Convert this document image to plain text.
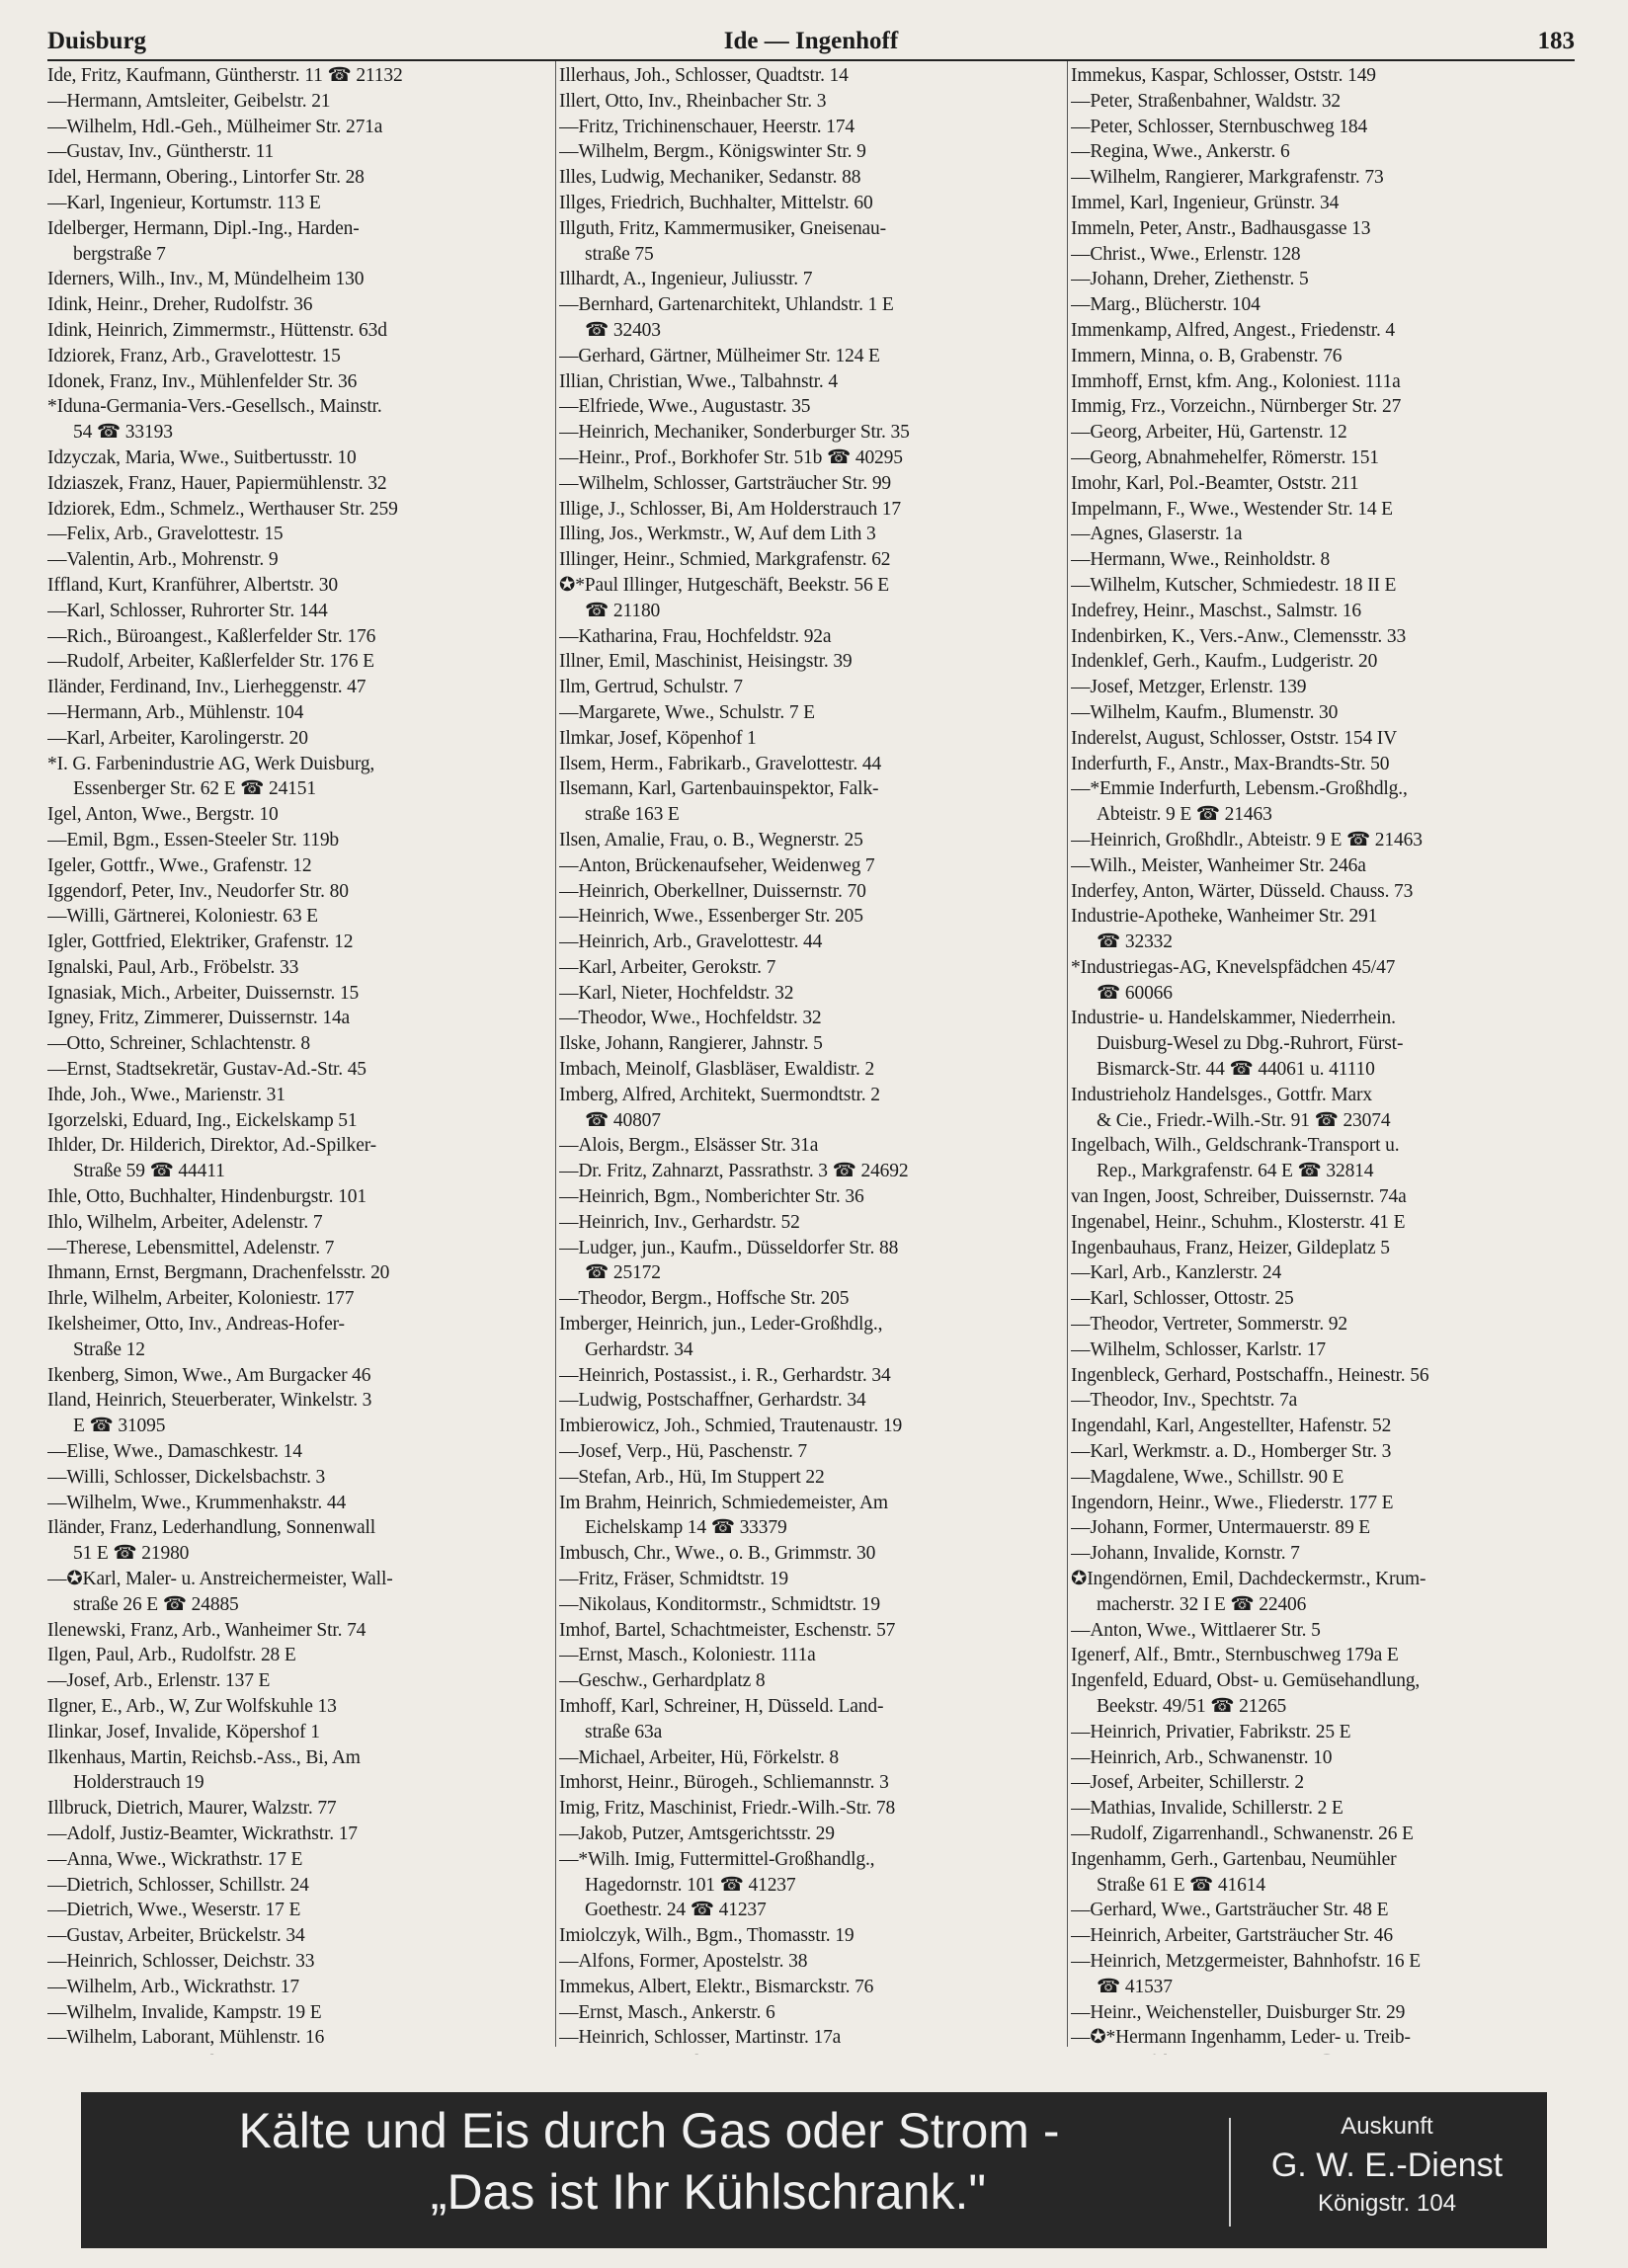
Duisburg	Ide — Ingenhoff	183
Ide, Fritz, Kaufmann, Güntherstr. 11 ☎ 21132
—Hermann, Amtsleiter, Geibelstr. 21
—Wilhelm, Hdl.-Geh., Mülheimer Str. 271a
—Gustav, Inv., Güntherstr. 11
Idel, Hermann, Obering., Lintorfer Str. 28
—Karl, Ingenieur, Kortumstr. 113 E
Idelberger, Hermann, Dipl.-Ing., Harden-
bergstraße 7
Iderners, Wilh., Inv., M, Mündelheim 130
Idink, Heinr., Dreher, Rudolfstr. 36
Idink, Heinrich, Zimmermstr., Hüttenstr. 63d
Idziorek, Franz, Arb., Gravelottestr. 15
Idonek, Franz, Inv., Mühlenfelder Str. 36
*Iduna-Germania-Vers.-Gesellsch., Mainstr.
54 ☎ 33193
Idzyczak, Maria, Wwe., Suitbertusstr. 10
Idziaszek, Franz, Hauer, Papiermühlenstr. 32
Idziorek, Edm., Schmelz., Werthauser Str. 259
—Felix, Arb., Gravelottestr. 15
—Valentin, Arb., Mohrenstr. 9
Iffland, Kurt, Kranführer, Albertstr. 30
—Karl, Schlosser, Ruhrorter Str. 144
—Rich., Büroangest., Kaßlerfelder Str. 176
—Rudolf, Arbeiter, Kaßlerfelder Str. 176 E
Iländer, Ferdinand, Inv., Lierheggenstr. 47
—Hermann, Arb., Mühlenstr. 104
—Karl, Arbeiter, Karolingerstr. 20
*I. G. Farbenindustrie AG, Werk Duisburg,
Essenberger Str. 62 E ☎ 24151
Igel, Anton, Wwe., Bergstr. 10
—Emil, Bgm., Essen-Steeler Str. 119b
Igeler, Gottfr., Wwe., Grafenstr. 12
Iggendorf, Peter, Inv., Neudorfer Str. 80
—Willi, Gärtnerei, Koloniestr. 63 E
Igler, Gottfried, Elektriker, Grafenstr. 12
Ignalski, Paul, Arb., Fröbelstr. 33
Ignasiak, Mich., Arbeiter, Duissernstr. 15
Igney, Fritz, Zimmerer, Duissernstr. 14a
—Otto, Schreiner, Schlachtenstr. 8
—Ernst, Stadtsekretär, Gustav-Ad.-Str. 45
Ihde, Joh., Wwe., Marienstr. 31
Igorzelski, Eduard, Ing., Eickelskamp 51
Ihlder, Dr. Hilderich, Direktor, Ad.-Spilker-
Straße 59 ☎ 44411
Ihle, Otto, Buchhalter, Hindenburgstr. 101
Ihlo, Wilhelm, Arbeiter, Adelenstr. 7
—Therese, Lebensmittel, Adelenstr. 7
Ihmann, Ernst, Bergmann, Drachenfelsstr. 20
Ihrle, Wilhelm, Arbeiter, Koloniestr. 177
Ikelsheimer, Otto, Inv., Andreas-Hofer-
Straße 12
Ikenberg, Simon, Wwe., Am Burgacker 46
Iland, Heinrich, Steuerberater, Winkelstr. 3
E ☎ 31095
—Elise, Wwe., Damaschkestr. 14
—Willi, Schlosser, Dickelsbachstr. 3
—Wilhelm, Wwe., Krummenhakstr. 44
Iländer, Franz, Lederhandlung, Sonnenwall
51 E ☎ 21980
—✪Karl, Maler- u. Anstreichermeister, Wall-
straße 26 E ☎ 24885
Ilenewski, Franz, Arb., Wanheimer Str. 74
Ilgen, Paul, Arb., Rudolfstr. 28 E
—Josef, Arb., Erlenstr. 137 E
Ilgner, E., Arb., W, Zur Wolfskuhle 13
Ilinkar, Josef, Invalide, Köpershof 1
Ilkenhaus, Martin, Reichsb.-Ass., Bi, Am
Holderstrauch 19
Illbruck, Dietrich, Maurer, Walzstr. 77
—Adolf, Justiz-Beamter, Wickrathstr. 17
—Anna, Wwe., Wickrathstr. 17 E
—Dietrich, Schlosser, Schillstr. 24
—Dietrich, Wwe., Weserstr. 17 E
—Gustav, Arbeiter, Brückelstr. 34
—Heinrich, Schlosser, Deichstr. 33
—Wilhelm, Arb., Wickrathstr. 17
—Wilhelm, Invalide, Kampstr. 19 E
—Wilhelm, Laborant, Mühlenstr. 16
Illerhaus, Joh., Schlosser, Quadtstr. 14
Illert, Otto, Inv., Rheinbacher Str. 3
—Fritz, Trichinenschauer, Heerstr. 174
—Wilhelm, Bergm., Königswinter Str. 9
Illes, Ludwig, Mechaniker, Sedanstr. 88
Illges, Friedrich, Buchhalter, Mittelstr. 60
Illguth, Fritz, Kammermusiker, Gneisenau-
straße 75
Illhardt, A., Ingenieur, Juliusstr. 7
—Bernhard, Gartenarchitekt, Uhlandstr. 1 E
☎ 32403
—Gerhard, Gärtner, Mülheimer Str. 124 E
Illian, Christian, Wwe., Talbahnstr. 4
—Elfriede, Wwe., Augustastr. 35
—Heinrich, Mechaniker, Sonderburger Str. 35
—Heinr., Prof., Borkhofer Str. 51b ☎ 40295
—Wilhelm, Schlosser, Gartsträucher Str. 99
Illige, J., Schlosser, Bi, Am Holderstrauch 17
Illing, Jos., Werkmstr., W, Auf dem Lith 3
Illinger, Heinr., Schmied, Markgrafenstr. 62
✪*Paul Illinger, Hutgeschäft, Beekstr. 56 E
☎ 21180
—Katharina, Frau, Hochfeldstr. 92a
Illner, Emil, Maschinist, Heisingstr. 39
Ilm, Gertrud, Schulstr. 7
—Margarete, Wwe., Schulstr. 7 E
Ilmkar, Josef, Köpenhof 1
Ilsem, Herm., Fabrikarb., Gravelottestr. 44
Ilsemann, Karl, Gartenbauinspektor, Falk-
straße 163 E
Ilsen, Amalie, Frau, o. B., Wegnerstr. 25
—Anton, Brückenaufseher, Weidenweg 7
—Heinrich, Oberkellner, Duissernstr. 70
—Heinrich, Wwe., Essenberger Str. 205
—Heinrich, Arb., Gravelottestr. 44
—Karl, Arbeiter, Gerokstr. 7
—Karl, Nieter, Hochfeldstr. 32
—Theodor, Wwe., Hochfeldstr. 32
Ilske, Johann, Rangierer, Jahnstr. 5
Imbach, Meinolf, Glasbläser, Ewaldistr. 2
Imberg, Alfred, Architekt, Suermondtstr. 2
☎ 40807
—Alois, Bergm., Elsässer Str. 31a
—Dr. Fritz, Zahnarzt, Passrathstr. 3 ☎ 24692
—Heinrich, Bgm., Nomberichter Str. 36
—Heinrich, Inv., Gerhardstr. 52
—Ludger, jun., Kaufm., Düsseldorfer Str. 88
☎ 25172
—Theodor, Bergm., Hoffsche Str. 205
Imberger, Heinrich, jun., Leder-Großhdlg.,
Gerhardstr. 34
—Heinrich, Postassist., i. R., Gerhardstr. 34
—Ludwig, Postschaffner, Gerhardstr. 34
Imbierowicz, Joh., Schmied, Trautenaustr. 19
—Josef, Verp., Hü, Paschenstr. 7
—Stefan, Arb., Hü, Im Stuppert 22
Im Brahm, Heinrich, Schmiedemeister, Am
Eichelskamp 14 ☎ 33379
Imbusch, Chr., Wwe., o. B., Grimmstr. 30
—Fritz, Fräser, Schmidtstr. 19
—Nikolaus, Konditormstr., Schmidtstr. 19
Imhof, Bartel, Schachtmeister, Eschenstr. 57
—Ernst, Masch., Koloniestr. 111a
—Geschw., Gerhardplatz 8
Imhoff, Karl, Schreiner, H, Düsseld. Land-
straße 63a
—Michael, Arbeiter, Hü, Förkelstr. 8
Imhorst, Heinr., Bürogeh., Schliemannstr. 3
Imig, Fritz, Maschinist, Friedr.-Wilh.-Str. 78
—Jakob, Putzer, Amtsgerichtsstr. 29
—*Wilh. Imig, Futtermittel-Großhandlg.,
Hagedornstr. 101 ☎ 41237
Goethestr. 24 ☎ 41237
Imiolczyk, Wilh., Bgm., Thomasstr. 19
—Alfons, Former, Apostelstr. 38
Immekus, Albert, Elektr., Bismarckstr. 76
—Ernst, Masch., Ankerstr. 6
—Heinrich, Schlosser, Martinstr. 17a
Immekus, Kaspar, Schlosser, Oststr. 149
—Peter, Straßenbahner, Waldstr. 32
—Peter, Schlosser, Sternbuschweg 184
—Regina, Wwe., Ankerstr. 6
—Wilhelm, Rangierer, Markgrafenstr. 73
Immel, Karl, Ingenieur, Grünstr. 34
Immeln, Peter, Anstr., Badhausgasse 13
—Christ., Wwe., Erlenstr. 128
—Johann, Dreher, Ziethenstr. 5
—Marg., Blücherstr. 104
Immenkamp, Alfred, Angest., Friedenstr. 4
Immern, Minna, o. B, Grabenstr. 76
Immhoff, Ernst, kfm. Ang., Koloniest. 111a
Immig, Frz., Vorzeichn., Nürnberger Str. 27
—Georg, Arbeiter, Hü, Gartenstr. 12
—Georg, Abnahmehelfer, Römerstr. 151
Imohr, Karl, Pol.-Beamter, Oststr. 211
Impelmann, F., Wwe., Westender Str. 14 E
—Agnes, Glaserstr. 1a
—Hermann, Wwe., Reinholdstr. 8
—Wilhelm, Kutscher, Schmiedestr. 18 II E
Indefrey, Heinr., Maschst., Salmstr. 16
Indenbirken, K., Vers.-Anw., Clemensstr. 33
Indenklef, Gerh., Kaufm., Ludgeristr. 20
—Josef, Metzger, Erlenstr. 139
—Wilhelm, Kaufm., Blumenstr. 30
Inderelst, August, Schlosser, Oststr. 154 IV
Inderfurth, F., Anstr., Max-Brandts-Str. 50
—*Emmie Inderfurth, Lebensm.-Großhdlg.,
Abteistr. 9 E ☎ 21463
—Heinrich, Großhdlr., Abteistr. 9 E ☎ 21463
—Wilh., Meister, Wanheimer Str. 246a
Inderfey, Anton, Wärter, Düsseld. Chauss. 73
Industrie-Apotheke, Wanheimer Str. 291
☎ 32332
*Industriegas-AG, Knevelspfädchen 45/47
☎ 60066
Industrie- u. Handelskammer, Niederrhein.
Duisburg-Wesel zu Dbg.-Ruhrort, Fürst-
Bismarck-Str. 44 ☎ 44061 u. 41110
Industrieholz Handelsges., Gottfr. Marx
& Cie., Friedr.-Wilh.-Str. 91 ☎ 23074
Ingelbach, Wilh., Geldschrank-Transport u.
Rep., Markgrafenstr. 64 E ☎ 32814
van Ingen, Joost, Schreiber, Duissernstr. 74a
Ingenabel, Heinr., Schuhm., Klosterstr. 41 E
Ingenbauhaus, Franz, Heizer, Gildeplatz 5
—Karl, Arb., Kanzlerstr. 24
—Karl, Schlosser, Ottostr. 25
—Theodor, Vertreter, Sommerstr. 92
—Wilhelm, Schlosser, Karlstr. 17
Ingenbleck, Gerhard, Postschaffn., Heinestr. 56
—Theodor, Inv., Spechtstr. 7a
Ingendahl, Karl, Angestellter, Hafenstr. 52
—Karl, Werkmstr. a. D., Homberger Str. 3
—Magdalene, Wwe., Schillstr. 90 E
Ingendorn, Heinr., Wwe., Fliederstr. 177 E
—Johann, Former, Untermauerstr. 89 E
—Johann, Invalide, Kornstr. 7
✪Ingendörnen, Emil, Dachdeckermstr., Krum-
macherstr. 32 I E ☎ 22406
—Anton, Wwe., Wittlaerer Str. 5
Igenerf, Alf., Bmtr., Sternbuschweg 179a E
Ingenfeld, Eduard, Obst- u. Gemüsehandlung,
Beekstr. 49/51 ☎ 21265
—Heinrich, Privatier, Fabrikstr. 25 E
—Heinrich, Arb., Schwanenstr. 10
—Josef, Arbeiter, Schillerstr. 2
—Mathias, Invalide, Schillerstr. 2 E
—Rudolf, Zigarrenhandl., Schwanenstr. 26 E
Ingenhamm, Gerh., Gartenbau, Neumühler
Straße 61 E ☎ 41614
—Gerhard, Wwe., Gartsträucher Str. 48 E
—Heinrich, Arbeiter, Gartsträucher Str. 46
—Heinrich, Metzgermeister, Bahnhofstr. 16 E
☎ 41537
—Heinr., Weichensteller, Duisburger Str. 29
—✪*Hermann Ingenhamm, Leder- u. Treib-
Kälte und Eis durch Gas oder Strom -
„Das ist Ihr Kühlschrank."
Auskunft
G. W. E.-Dienst
Königstr. 104
